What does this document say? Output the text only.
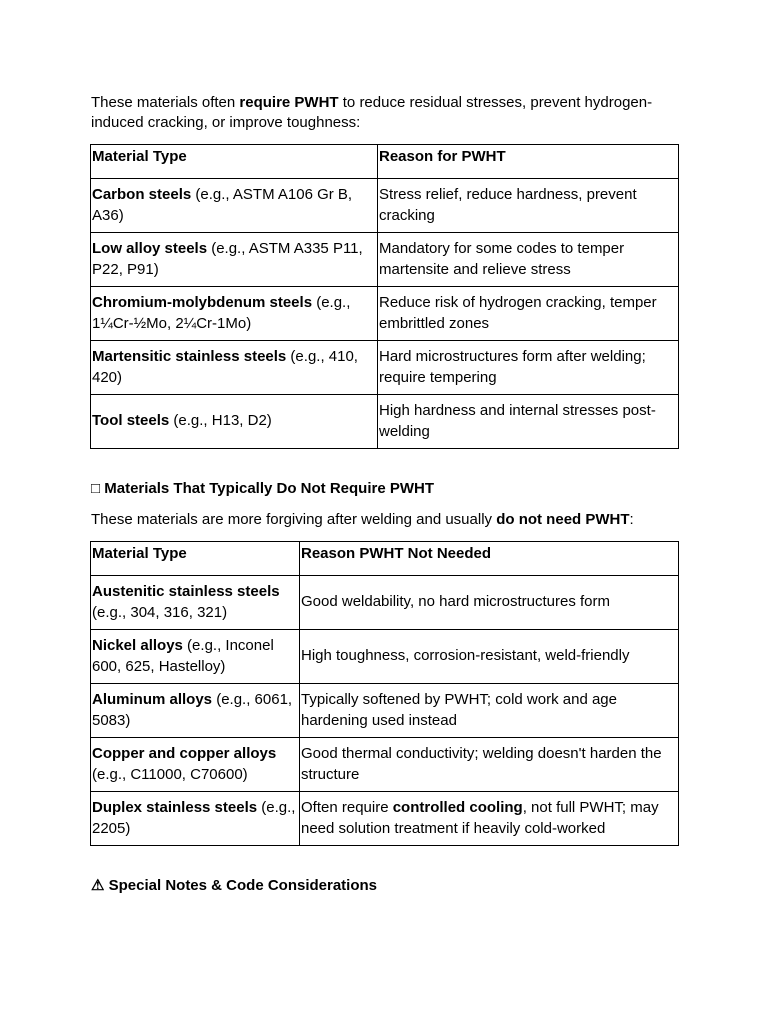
These materials often require PWHT to reduce residual stresses, prevent hydrogen-induced cracking, or improve toughness:

Material Type	Reason for PWHT
Carbon steels (e.g., ASTM A106 Gr B, A36)	Stress relief, reduce hardness, prevent cracking
Low alloy steels (e.g., ASTM A335 P11, P22, P91)	Mandatory for some codes to temper martensite and relieve stress
Chromium-molybdenum steels (e.g., 1¼Cr-½Mo, 2¼Cr-1Mo)	Reduce risk of hydrogen cracking, temper embrittled zones
Martensitic stainless steels (e.g., 410, 420)	Hard microstructures form after welding; require tempering
Tool steels (e.g., H13, D2)	High hardness and internal stresses post-welding
□ Materials That Typically Do Not Require PWHT

These materials are more forgiving after welding and usually do not need PWHT:

Material Type	Reason PWHT Not Needed
Austenitic stainless steels (e.g., 304, 316, 321)	Good weldability, no hard microstructures form
Nickel alloys (e.g., Inconel 600, 625, Hastelloy)	High toughness, corrosion-resistant, weld-friendly
Aluminum alloys (e.g., 6061, 5083)	Typically softened by PWHT; cold work and age hardening used instead
Copper and copper alloys (e.g., C11000, C70600)	Good thermal conductivity; welding doesn't harden the structure
Duplex stainless steels (e.g., 2205)	Often require controlled cooling, not full PWHT; may need solution treatment if heavily cold-worked
⚠ Special Notes & Code Considerations
